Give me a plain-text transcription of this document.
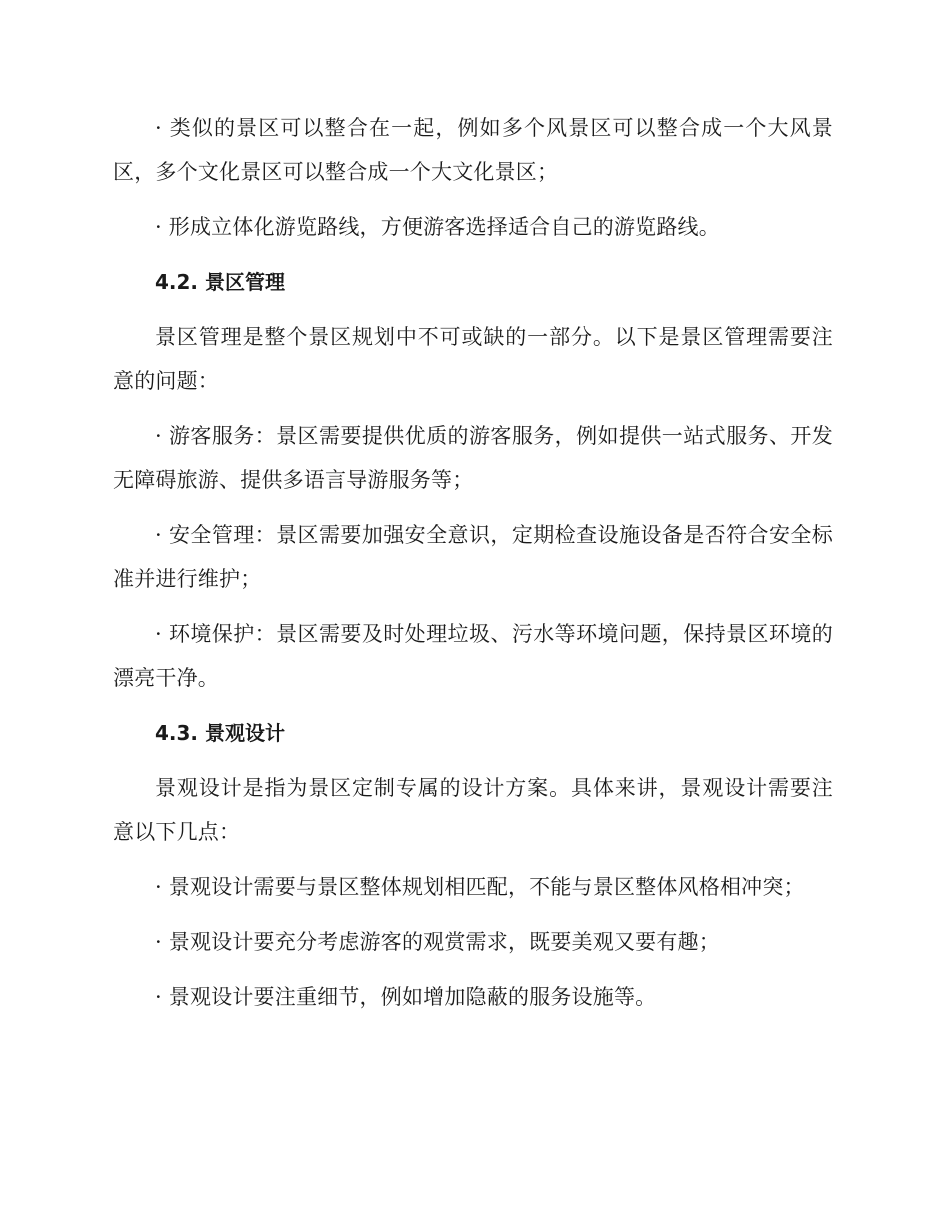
· 类似的景区可以整合在一起，例如多个风景区可以整合成一个大风景区，多个文化景区可以整合成一个大文化景区；

· 形成立体化游览路线，方便游客选择适合自己的游览路线。

4.2. 景区管理

景区管理是整个景区规划中不可或缺的一部分。以下是景区管理需要注意的问题：

· 游客服务：景区需要提供优质的游客服务，例如提供一站式服务、开发无障碍旅游、提供多语言导游服务等；

· 安全管理：景区需要加强安全意识，定期检查设施设备是否符合安全标准并进行维护；

· 环境保护：景区需要及时处理垃圾、污水等环境问题，保持景区环境的漂亮干净。

4.3. 景观设计

景观设计是指为景区定制专属的设计方案。具体来讲，景观设计需要注意以下几点：

· 景观设计需要与景区整体规划相匹配，不能与景区整体风格相冲突；

· 景观设计要充分考虑游客的观赏需求，既要美观又要有趣；

· 景观设计要注重细节，例如增加隐蔽的服务设施等。
